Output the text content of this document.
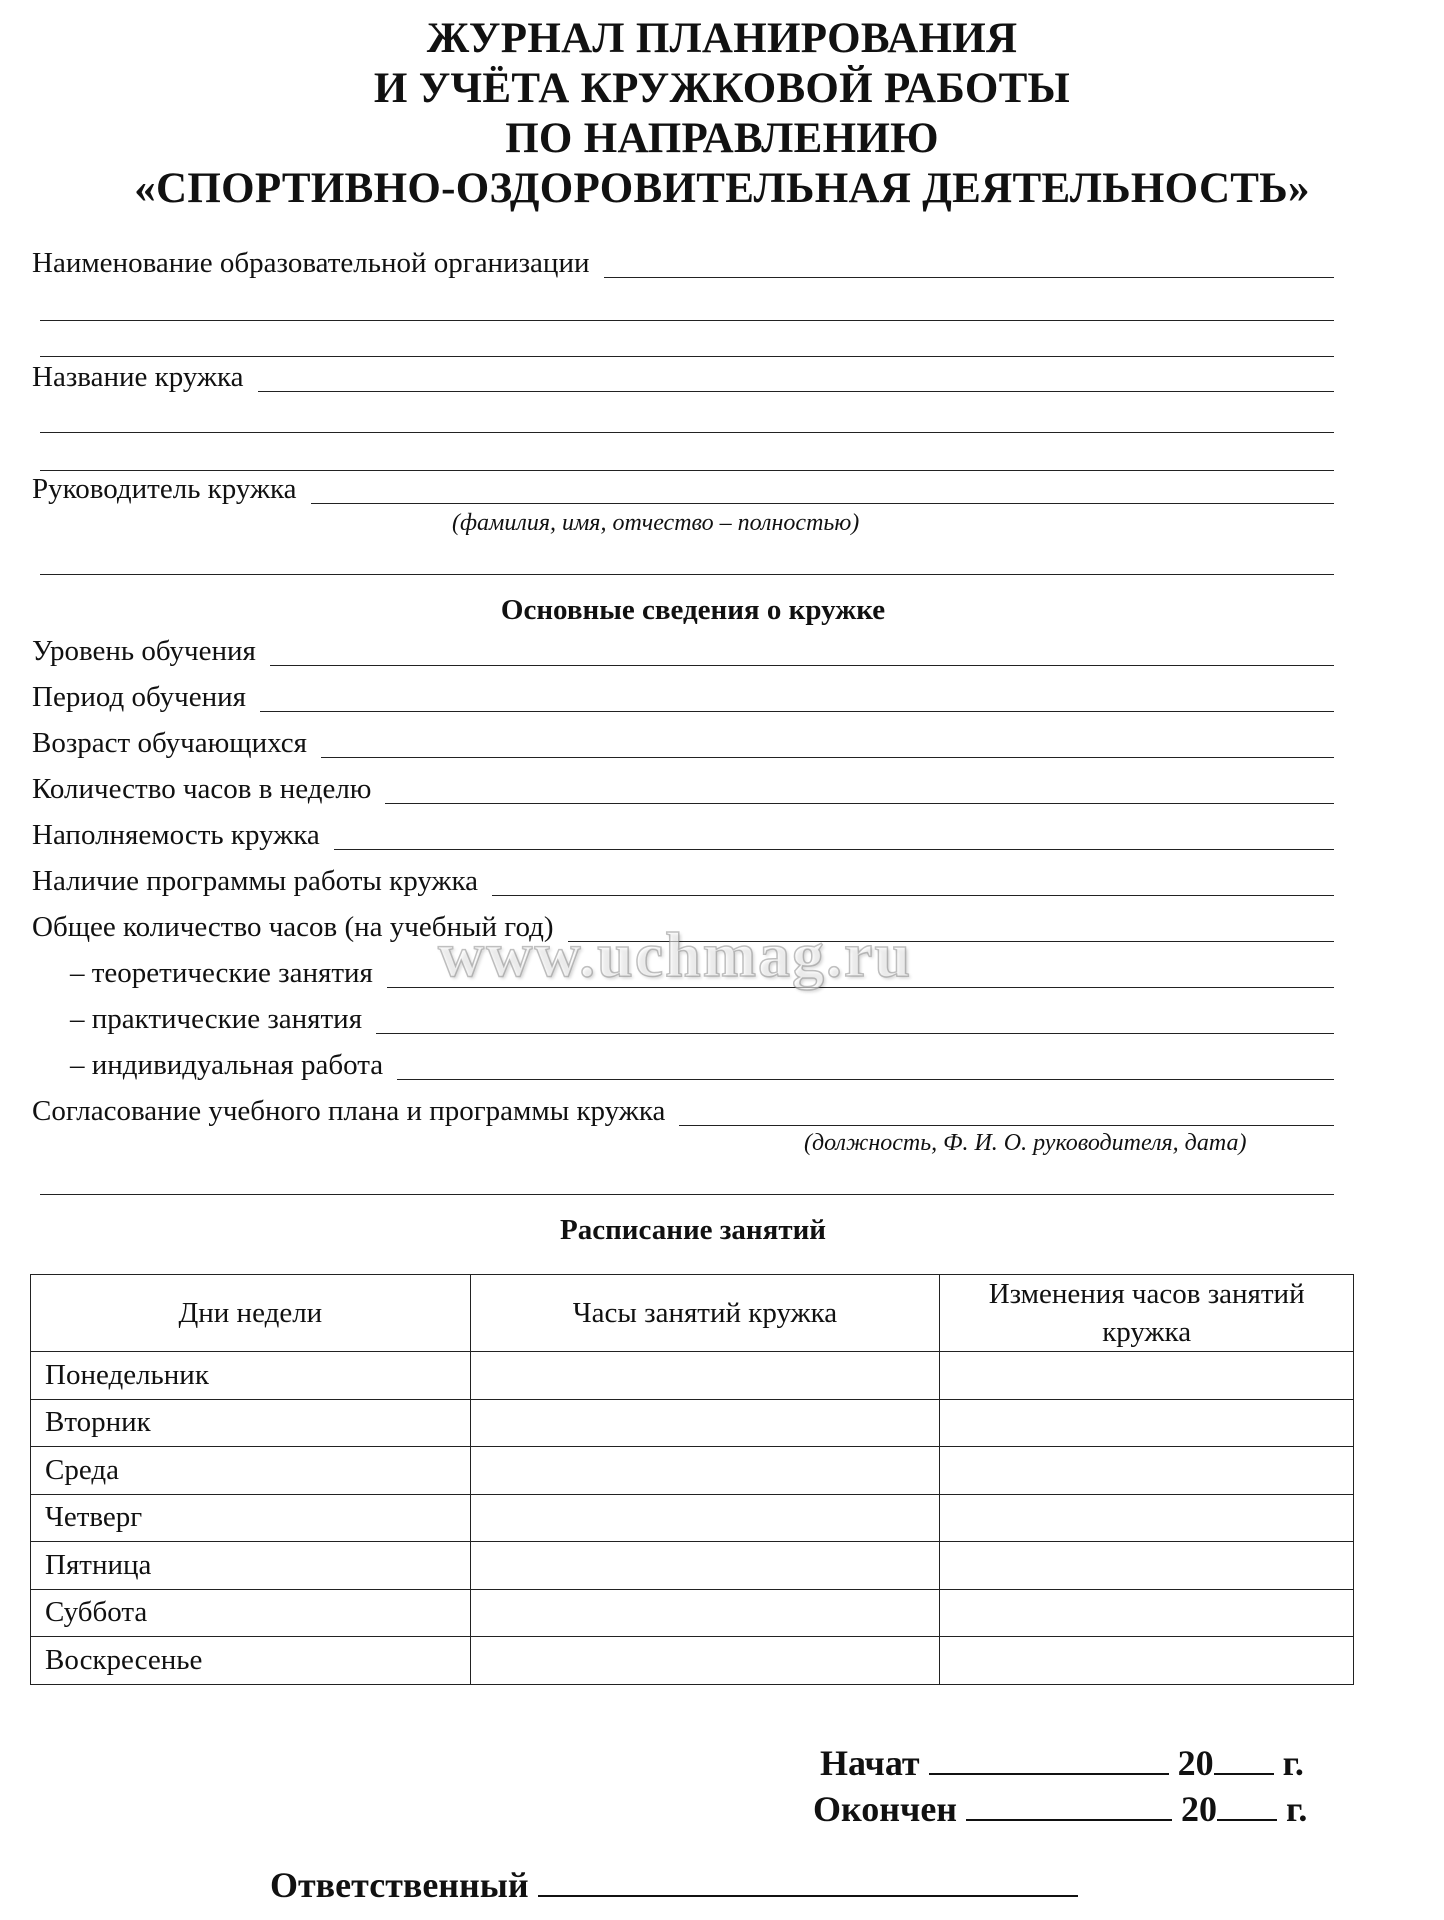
ЖУРНАЛ ПЛАНИРОВАНИЯ
И УЧЁТА КРУЖКОВОЙ РАБОТЫ
ПО НАПРАВЛЕНИЮ
«СПОРТИВНО-ОЗДОРОВИТЕЛЬНАЯ ДЕЯТЕЛЬНОСТЬ»
Наименование образовательной организации
Название кружка
Руководитель кружка
(фамилия, имя, отчество – полностью)
Основные сведения о кружке
Уровень обучения
Период обучения
Возраст обучающихся
Количество часов в неделю
Наполняемость кружка
Наличие программы работы кружка
Общее количество часов (на учебный год)
– теоретические занятия
– практические занятия
– индивидуальная работа
Согласование учебного плана и программы кружка
(должность, Ф. И. О. руководителя, дата)
www.uchmag.ru
Расписание занятий
Дни недели	Часы занятий кружка	Изменения часов занятий кружка
Понедельник		
Вторник		
Среда		
Четверг		
Пятница		
Суббота		
Воскресенье		
Начат	20 г.
Окончен	20 г.
Ответственный
